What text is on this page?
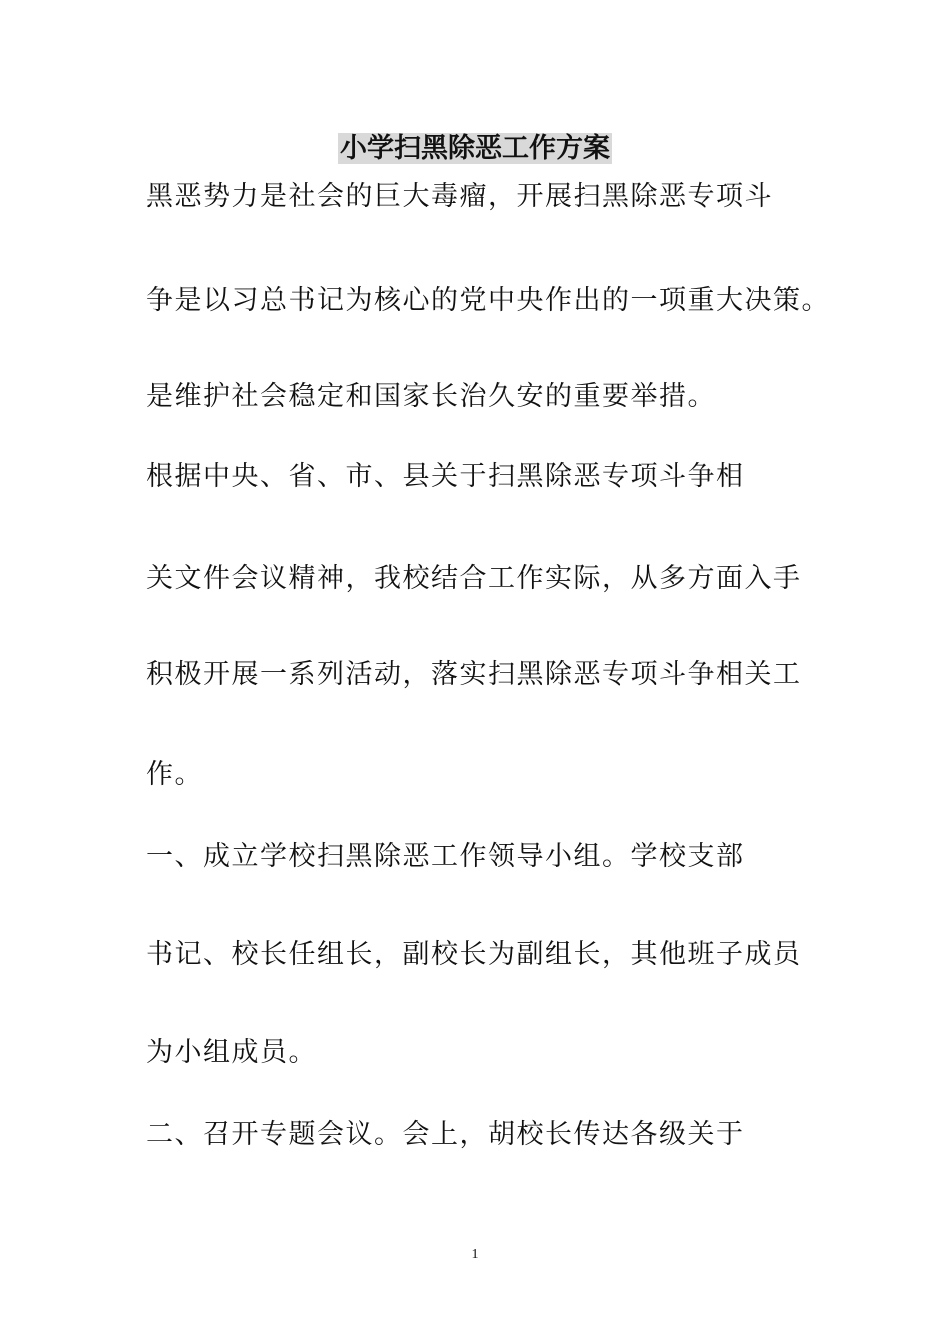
小学扫黑除恶工作方案
黑恶势力是社会的巨大毒瘤，开展扫黑除恶专项斗
争是以习总书记为核心的党中央作出的一项重大决策。
是维护社会稳定和国家长治久安的重要举措。
根据中央、省、市、县关于扫黑除恶专项斗争相
关文件会议精神，我校结合工作实际，从多方面入手
积极开展一系列活动，落实扫黑除恶专项斗争相关工
作。
一、成立学校扫黑除恶工作领导小组。学校支部
书记、校长任组长，副校长为副组长，其他班子成员
为小组成员。
二、召开专题会议。会上，胡校长传达各级关于
1
